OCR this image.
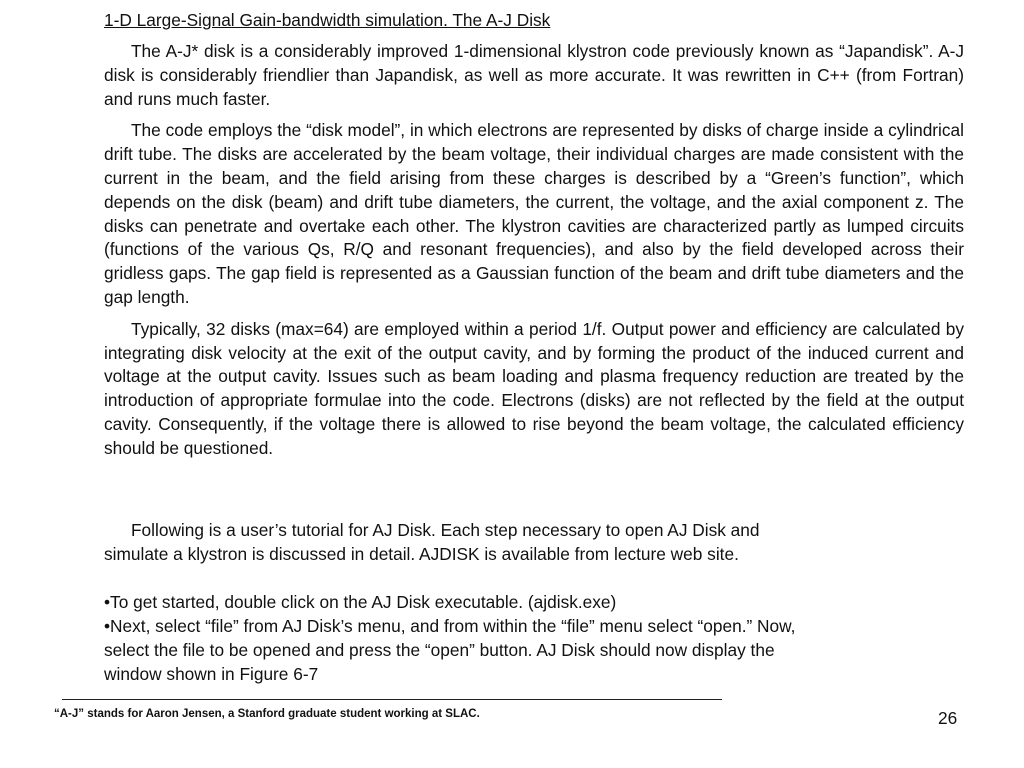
1-D Large-Signal Gain-bandwidth simulation. The A-J Disk

The A-J* disk is a considerably improved 1-dimensional klystron code previously known as “Japandisk”. A-J disk is considerably friendlier than Japandisk, as well as more accurate. It was rewritten in C++ (from Fortran) and runs much faster.

The code employs the “disk model”, in which electrons are represented by disks of charge inside a cylindrical drift tube. The disks are accelerated by the beam voltage, their individual charges are made consistent with the current in the beam, and the field arising from these charges is described by a “Green’s function”, which depends on the disk (beam) and drift tube diameters, the current, the voltage, and the axial component z. The disks can penetrate and overtake each other. The klystron cavities are characterized partly as lumped circuits (functions of the various Qs, R/Q and resonant frequencies), and also by the field developed across their gridless gaps. The gap field is represented as a Gaussian function of the beam and drift tube diameters and the gap length.

Typically, 32 disks (max=64) are employed within a period 1/f. Output power and efficiency are calculated by integrating disk velocity at the exit of the output cavity, and by forming the product of the induced current and voltage at the output cavity. Issues such as beam loading and plasma frequency reduction are treated by the introduction of appropriate formulae into the code. Electrons (disks) are not reflected by the field at the output cavity. Consequently, if the voltage there is allowed to rise beyond the beam voltage, the calculated efficiency should be questioned.

Following is a user’s tutorial for AJ Disk. Each step necessary to open AJ Disk and

simulate a klystron is discussed in detail. AJDISK is available from lecture web site.

•To get started, double click on the AJ Disk executable. (ajdisk.exe)

•Next, select “file” from AJ Disk’s menu, and from within the “file” menu select “open.” Now,

select the file to be opened and press the “open” button. AJ Disk should now display the

window shown in Figure 6-7

“A-J” stands for Aaron Jensen, a Stanford graduate student working at SLAC.	26
